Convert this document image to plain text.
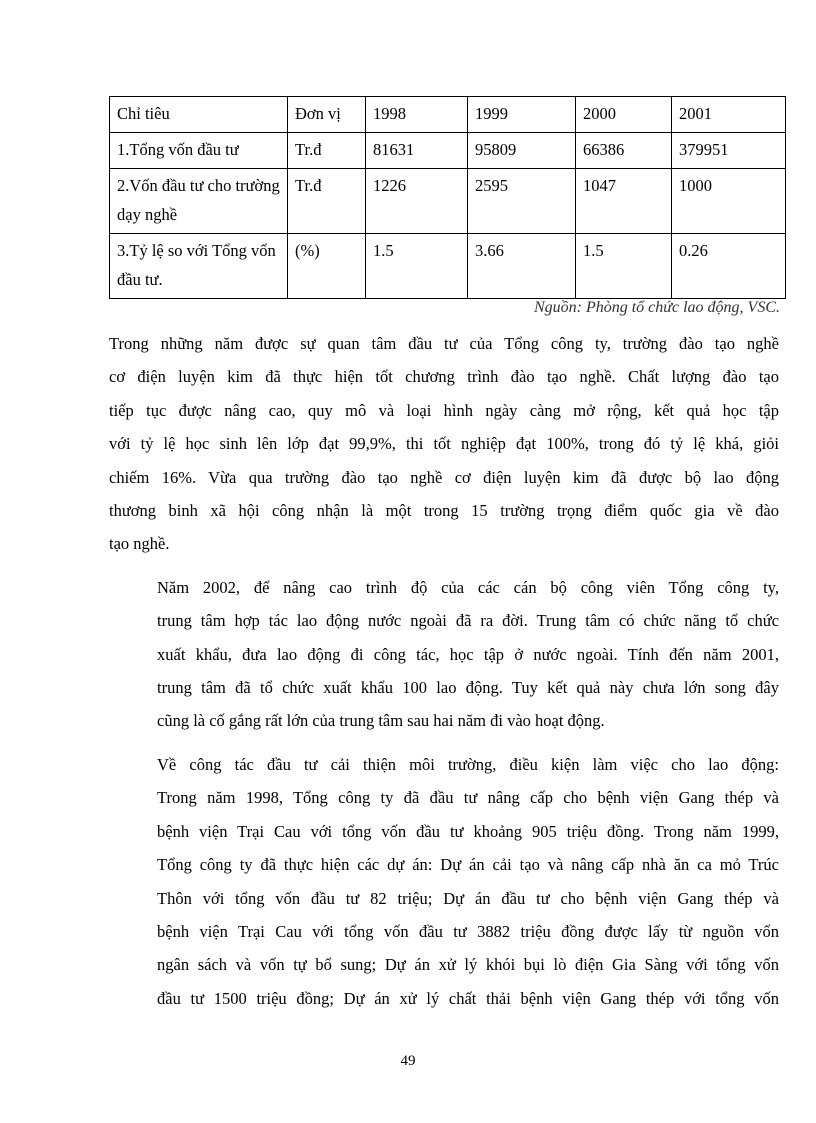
Chỉ tiêu	Đơn vị	1998	1999	2000	2001
1.Tổng vốn đầu tư	Tr.đ	81631	95809	66386	379951
2.Vốn đầu tư cho trường dạy nghề	Tr.đ	1226	2595	1047	1000
3.Tỷ lệ so với Tổng vốn đầu tư.	(%)	1.5	3.66	1.5	0.26
Nguồn: Phòng tổ chức lao động, VSC.

Trong những năm được sự quan tâm đầu tư của Tổng công ty, trường đào tạo nghề
cơ điện luyện kim đã thực hiện tốt chương trình đào tạo nghề. Chất lượng đào tạo
tiếp tục được nâng cao, quy mô và loại hình ngày càng mở rộng, kết quả học tập
với tỷ lệ học sinh lên lớp đạt 99,9%, thi tốt nghiệp đạt 100%, trong đó tỷ lệ khá, giỏi
chiếm 16%. Vừa qua trường đào tạo nghề cơ điện luyện kim đã được bộ lao động
thương binh xã hội công nhận là một trong 15 trường trọng điểm quốc gia về đào
tạo nghề.

Năm 2002, để nâng cao trình độ của các cán bộ công viên Tổng công ty,
trung tâm hợp tác lao động nước ngoài đã ra đời. Trung tâm có chức năng tổ chức
xuất khẩu, đưa lao động đi công tác, học tập ở nước ngoài. Tính đến năm 2001,
trung tâm đã tổ chức xuất khẩu 100 lao động. Tuy kết quả này chưa lớn song đây
cũng là cố gắng rất lớn của trung tâm sau hai năm đi vào hoạt động.

Về công tác đầu tư cải thiện môi trường, điều kiện làm việc cho lao động:
Trong năm 1998, Tổng công ty đã đầu tư nâng cấp cho bệnh viện Gang thép và
bệnh viện Trại Cau với tổng vốn đầu tư khoảng 905 triệu đồng. Trong năm 1999,
Tổng công ty đã thực hiện các dự án: Dự án cải tạo và nâng cấp nhà ăn ca mỏ Trúc
Thôn với tổng vốn đầu tư 82 triệu; Dự án đầu tư cho bệnh viện Gang thép và
bệnh viện Trại Cau với tổng vốn đầu tư 3882 triệu đồng được lấy từ nguồn vốn
ngân sách và vốn tự bổ sung; Dự án xử lý khói bụi lò điện Gia Sàng với tổng vốn
đầu tư 1500 triệu đồng; Dự án xử lý chất thải bệnh viện Gang thép với tổng vốn

49
